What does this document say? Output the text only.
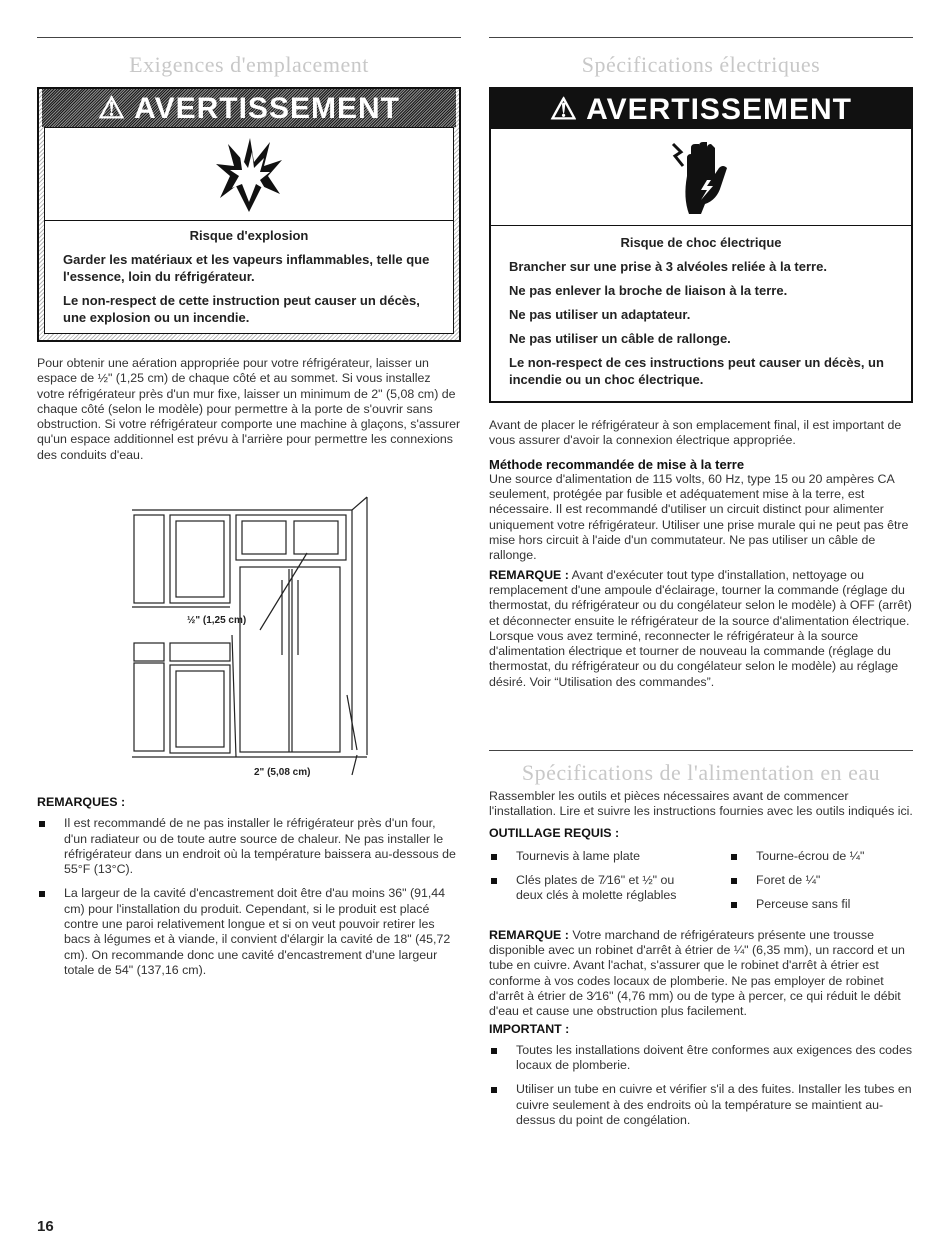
Exigences d'emplacement
⚠ AVERTISSEMENT

Risque d'explosion

Garder les matériaux et les vapeurs inflammables, telle que l'essence, loin du réfrigérateur.

Le non-respect de cette instruction peut causer un décès, une explosion ou un incendie.

Pour obtenir une aération appropriée pour votre réfrigérateur, laisser un espace de ½" (1,25 cm) de chaque côté et au sommet. Si vous installez votre réfrigérateur près d'un mur fixe, laisser un minimum de 2" (5,08 cm) de chaque côté (selon le modèle) pour permettre à la porte de s'ouvrir sans obstruction. Si votre réfrigérateur comporte une machine à glaçons, s'assurer qu'un espace additionnel est prévu à l'arrière pour permettre les connexions des conduits d'eau.

½" (1,25 cm)
2" (5,08 cm)

REMARQUES :

Il est recommandé de ne pas installer le réfrigérateur près d'un four, d'un radiateur ou de toute autre source de chaleur. Ne pas installer le réfrigérateur dans un endroit où la température baissera au-dessous de 55°F (13°C).
La largeur de la cavité d'encastrement doit être d'au moins 36" (91,44 cm) pour l'installation du produit. Cependant, si le produit est placé contre une paroi relativement longue et si on veut pouvoir retirer les bacs à légumes et à viande, il convient d'élargir la cavité de 18" (45,72 cm). On recommande donc une cavité d'encastrement d'une largeur totale de 54" (137,16 cm).
Spécifications électriques
⚠ AVERTISSEMENT

Risque de choc électrique

Brancher sur une prise à 3 alvéoles reliée à la terre.

Ne pas enlever la broche de liaison à la terre.

Ne pas utiliser un adaptateur.

Ne pas utiliser un câble de rallonge.

Le non-respect de ces instructions peut causer un décès, un incendie ou un choc électrique.

Avant de placer le réfrigérateur à son emplacement final, il est important de vous assurer d'avoir la connexion électrique appropriée.

Méthode recommandée de mise à la terre

Une source d'alimentation de 115 volts, 60 Hz, type 15 ou 20 ampères CA seulement, protégée par fusible et adéquatement mise à la terre, est nécessaire. Il est recommandé d'utiliser un circuit distinct pour alimenter uniquement votre réfrigérateur. Utiliser une prise murale qui ne peut pas être mise hors circuit à l'aide d'un commutateur. Ne pas utiliser un câble de rallonge.

REMARQUE : Avant d'exécuter tout type d'installation, nettoyage ou remplacement d'une ampoule d'éclairage, tourner la commande (réglage du thermostat, du réfrigérateur ou du congélateur selon le modèle) à OFF (arrêt) et déconnecter ensuite le réfrigérateur de la source d'alimentation électrique. Lorsque vous avez terminé, reconnecter le réfrigérateur à la source d'alimentation électrique et tourner de nouveau la commande (réglage du thermostat, du réfrigérateur ou du congélateur selon le modèle) au réglage désiré. Voir “Utilisation des commandes”.

Spécifications de l'alimentation en eau

Rassembler les outils et pièces nécessaires avant de commencer l'installation. Lire et suivre les instructions fournies avec les outils indiqués ici.

OUTILLAGE REQUIS :

Tournevis à lame plate
Clés plates de 7⁄16" et ½" ou deux clés à molette réglables
Tourne-écrou de ¼"
Foret de ¼"
Perceuse sans fil

REMARQUE : Votre marchand de réfrigérateurs présente une trousse disponible avec un robinet d'arrêt à étrier de ¼" (6,35 mm), un raccord et un tube en cuivre. Avant l'achat, s'assurer que le robinet d'arrêt à étrier est conforme à vos codes locaux de plomberie. Ne pas employer de robinet d'arrêt à étrier de 3⁄16" (4,76 mm) ou de type à percer, ce qui réduit le débit d'eau et cause une obstruction plus facilement.

IMPORTANT :

Toutes les installations doivent être conformes aux exigences des codes locaux de plomberie.
Utiliser un tube en cuivre et vérifier s'il a des fuites. Installer les tubes en cuivre seulement à des endroits où la température se maintient au-dessus du point de congélation.
16
